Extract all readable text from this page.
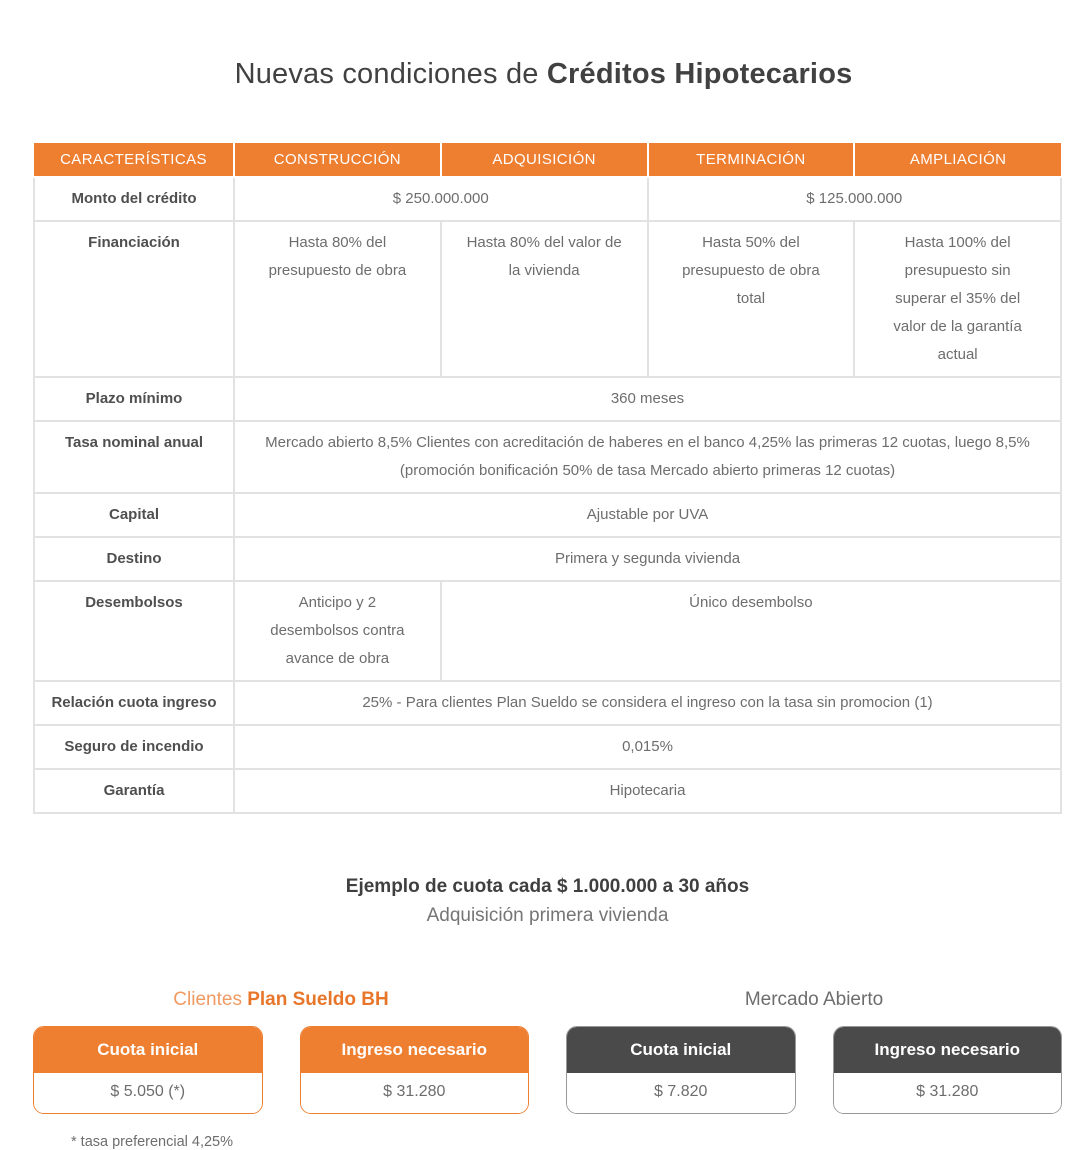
Nuevas condiciones de Créditos Hipotecarios
CARACTERÍSTICAS	CONSTRUCCIÓN	ADQUISICIÓN	TERMINACIÓN	AMPLIACIÓN
Monto del crédito	$ 250.000.000		$ 125.000.000	
Financiación	Hasta 80% del presupuesto de obra	Hasta 80% del valor de la vivienda	Hasta 50% del presupuesto de obra total	Hasta 100% del presupuesto sin superar el 35% del valor de la garantía actual
Plazo mínimo	360 meses			
Tasa nominal anual	Mercado abierto 8,5% Clientes con acreditación de haberes en el banco 4,25% las primeras 12 cuotas, luego 8,5% (promoción bonificación 50% de tasa Mercado abierto primeras 12 cuotas)			
Capital	Ajustable por UVA			
Destino	Primera y segunda vivienda			
Desembolsos	Anticipo y 2 desembolsos contra avance de obra	Único desembolso		
Relación cuota ingreso	25% - Para clientes Plan Sueldo se considera el ingreso con la tasa sin promocion (1)			
Seguro de incendio	0,015%			
Garantía	Hipotecaria			
Ejemplo de cuota cada $ 1.000.000 a 30 años

Adquisición primera vivienda

Clientes Plan Sueldo BH
Cuota inicial
$ 5.050 (*)
Ingreso necesario
$ 31.280

* tasa preferencial 4,25%

Mercado Abierto
Cuota inicial
$ 7.820
Ingreso necesario
$ 31.280
